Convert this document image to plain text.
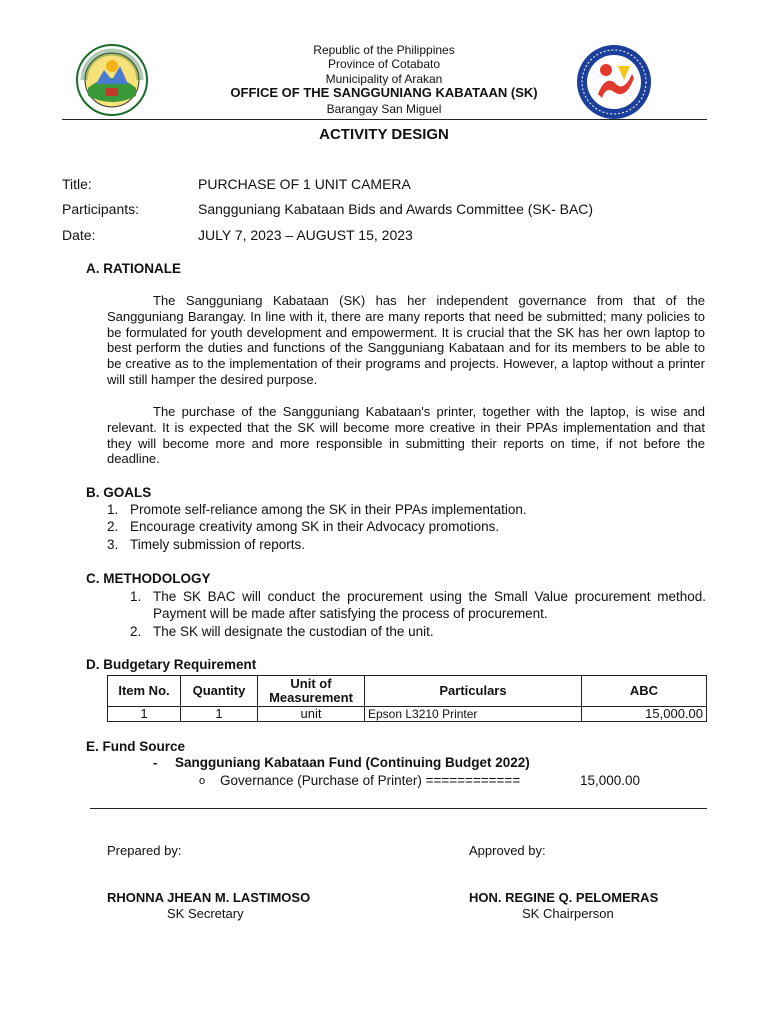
Republic of the Philippines
Province of Cotabato
Municipality of Arakan
OFFICE OF THE SANGGUNIANG KABATAAN (SK)
Barangay San Miguel
ACTIVITY DESIGN
Title:	PURCHASE OF 1 UNIT CAMERA
Participants:	Sangguniang Kabataan Bids and Awards Committee (SK- BAC)
Date:	JULY 7, 2023 – AUGUST 15, 2023
A. RATIONALE
The Sangguniang Kabataan (SK) has her independent governance from that of the Sangguniang Barangay. In line with it, there are many reports that need be submitted; many policies to be formulated for youth development and empowerment. It is crucial that the SK has her own laptop to best perform the duties and functions of the Sangguniang Kabataan and for its members to be able to be creative as to the implementation of their programs and projects. However, a laptop without a printer will still hamper the desired purpose.
The purchase of the Sangguniang Kabataan's printer, together with the laptop, is wise and relevant. It is expected that the SK will become more creative in their PPAs implementation and that they will become more and more responsible in submitting their reports on time, if not before the deadline.
B. GOALS
1. Promote self-reliance among the SK in their PPAs implementation.
2. Encourage creativity among SK in their Advocacy promotions.
3. Timely submission of reports.
C. METHODOLOGY
1. The SK BAC will conduct the procurement using the Small Value procurement method. Payment will be made after satisfying the process of procurement.
2. The SK will designate the custodian of the unit.
D. Budgetary Requirement
Item No.	Quantity	Unit of Measurement	Particulars	ABC
1	1	unit	Epson L3210 Printer	15,000.00
E. Fund Source
- Sangguniang Kabataan Fund (Continuing Budget 2022)
o Governance (Purchase of Printer) ============	15,000.00
Prepared by:	Approved by:
RHONNA JHEAN M. LASTIMOSO	HON. REGINE Q. PELOMERAS
SK Secretary	SK Chairperson
